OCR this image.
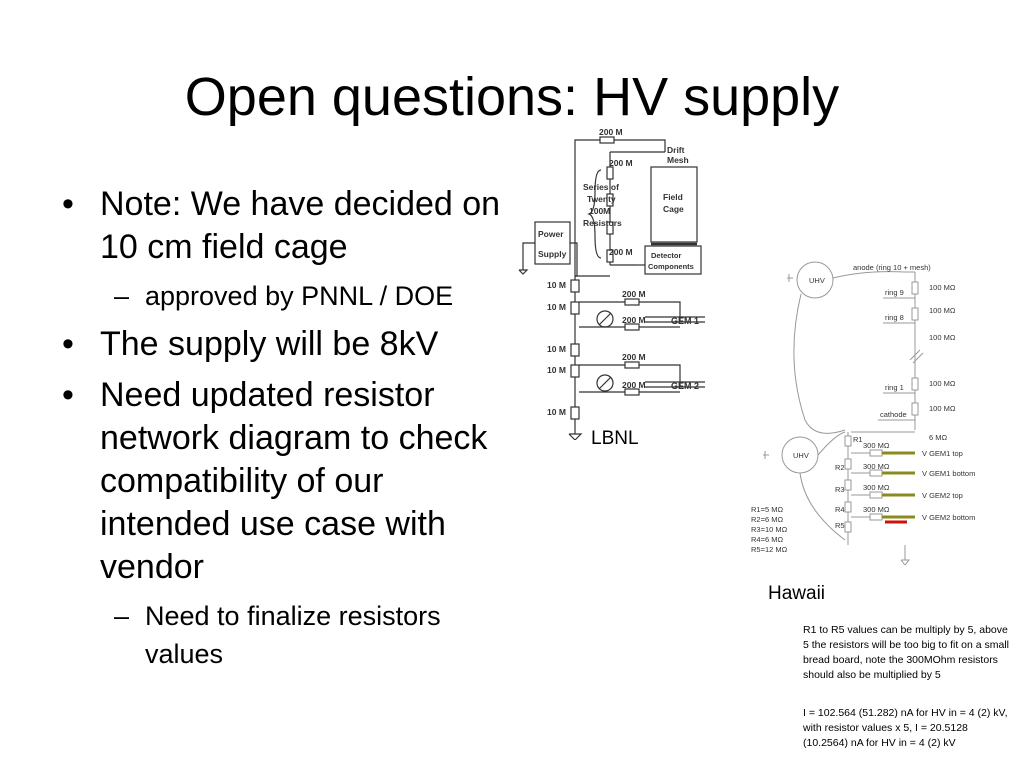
Open questions: HV supply
• Note: We have decided on 10 cm field cage
– approved by PNNL / DOE
• The supply will be 8kV
• Need updated resistor network diagram to check compatibility of our intended use case with vendor
– Need to finalize resistors values
200 M
200 M
200 M
Drift
Mesh
Series of
Twenty
100M
Resistors
Field
Cage
Detector
Components
Power
Supply
10 M
10 M
10 M
10 M
10 M
200 M
200 M
200 M
200 M
GEM 1
GEM 2
LBNL
UHV
UHV
anode (ring 10 + mesh)
ring 9
ring 8
ring 1
cathode
100 MΩ
100 MΩ
100 MΩ
100 MΩ
100 MΩ
6 MΩ
R1
R2
R3
R4
R5
300 MΩ
300 MΩ
300 MΩ
300 MΩ
V GEM1 top
V GEM1 bottom
V GEM2 top
V GEM2 bottom
R1=5 MΩ
R2=6 MΩ
R3=10 MΩ
R4=6 MΩ
R5=12 MΩ
Hawaii
R1 to R5 values can be multiply by 5, above 5 the resistors will be too big to fit on a small bread board, note the 300MOhm resistors should also be multiplied by 5
I = 102.564 (51.282) nA for HV in = 4 (2) kV, with resistor values x 5, I = 20.5128 (10.2564) nA for HV in = 4 (2) kV
